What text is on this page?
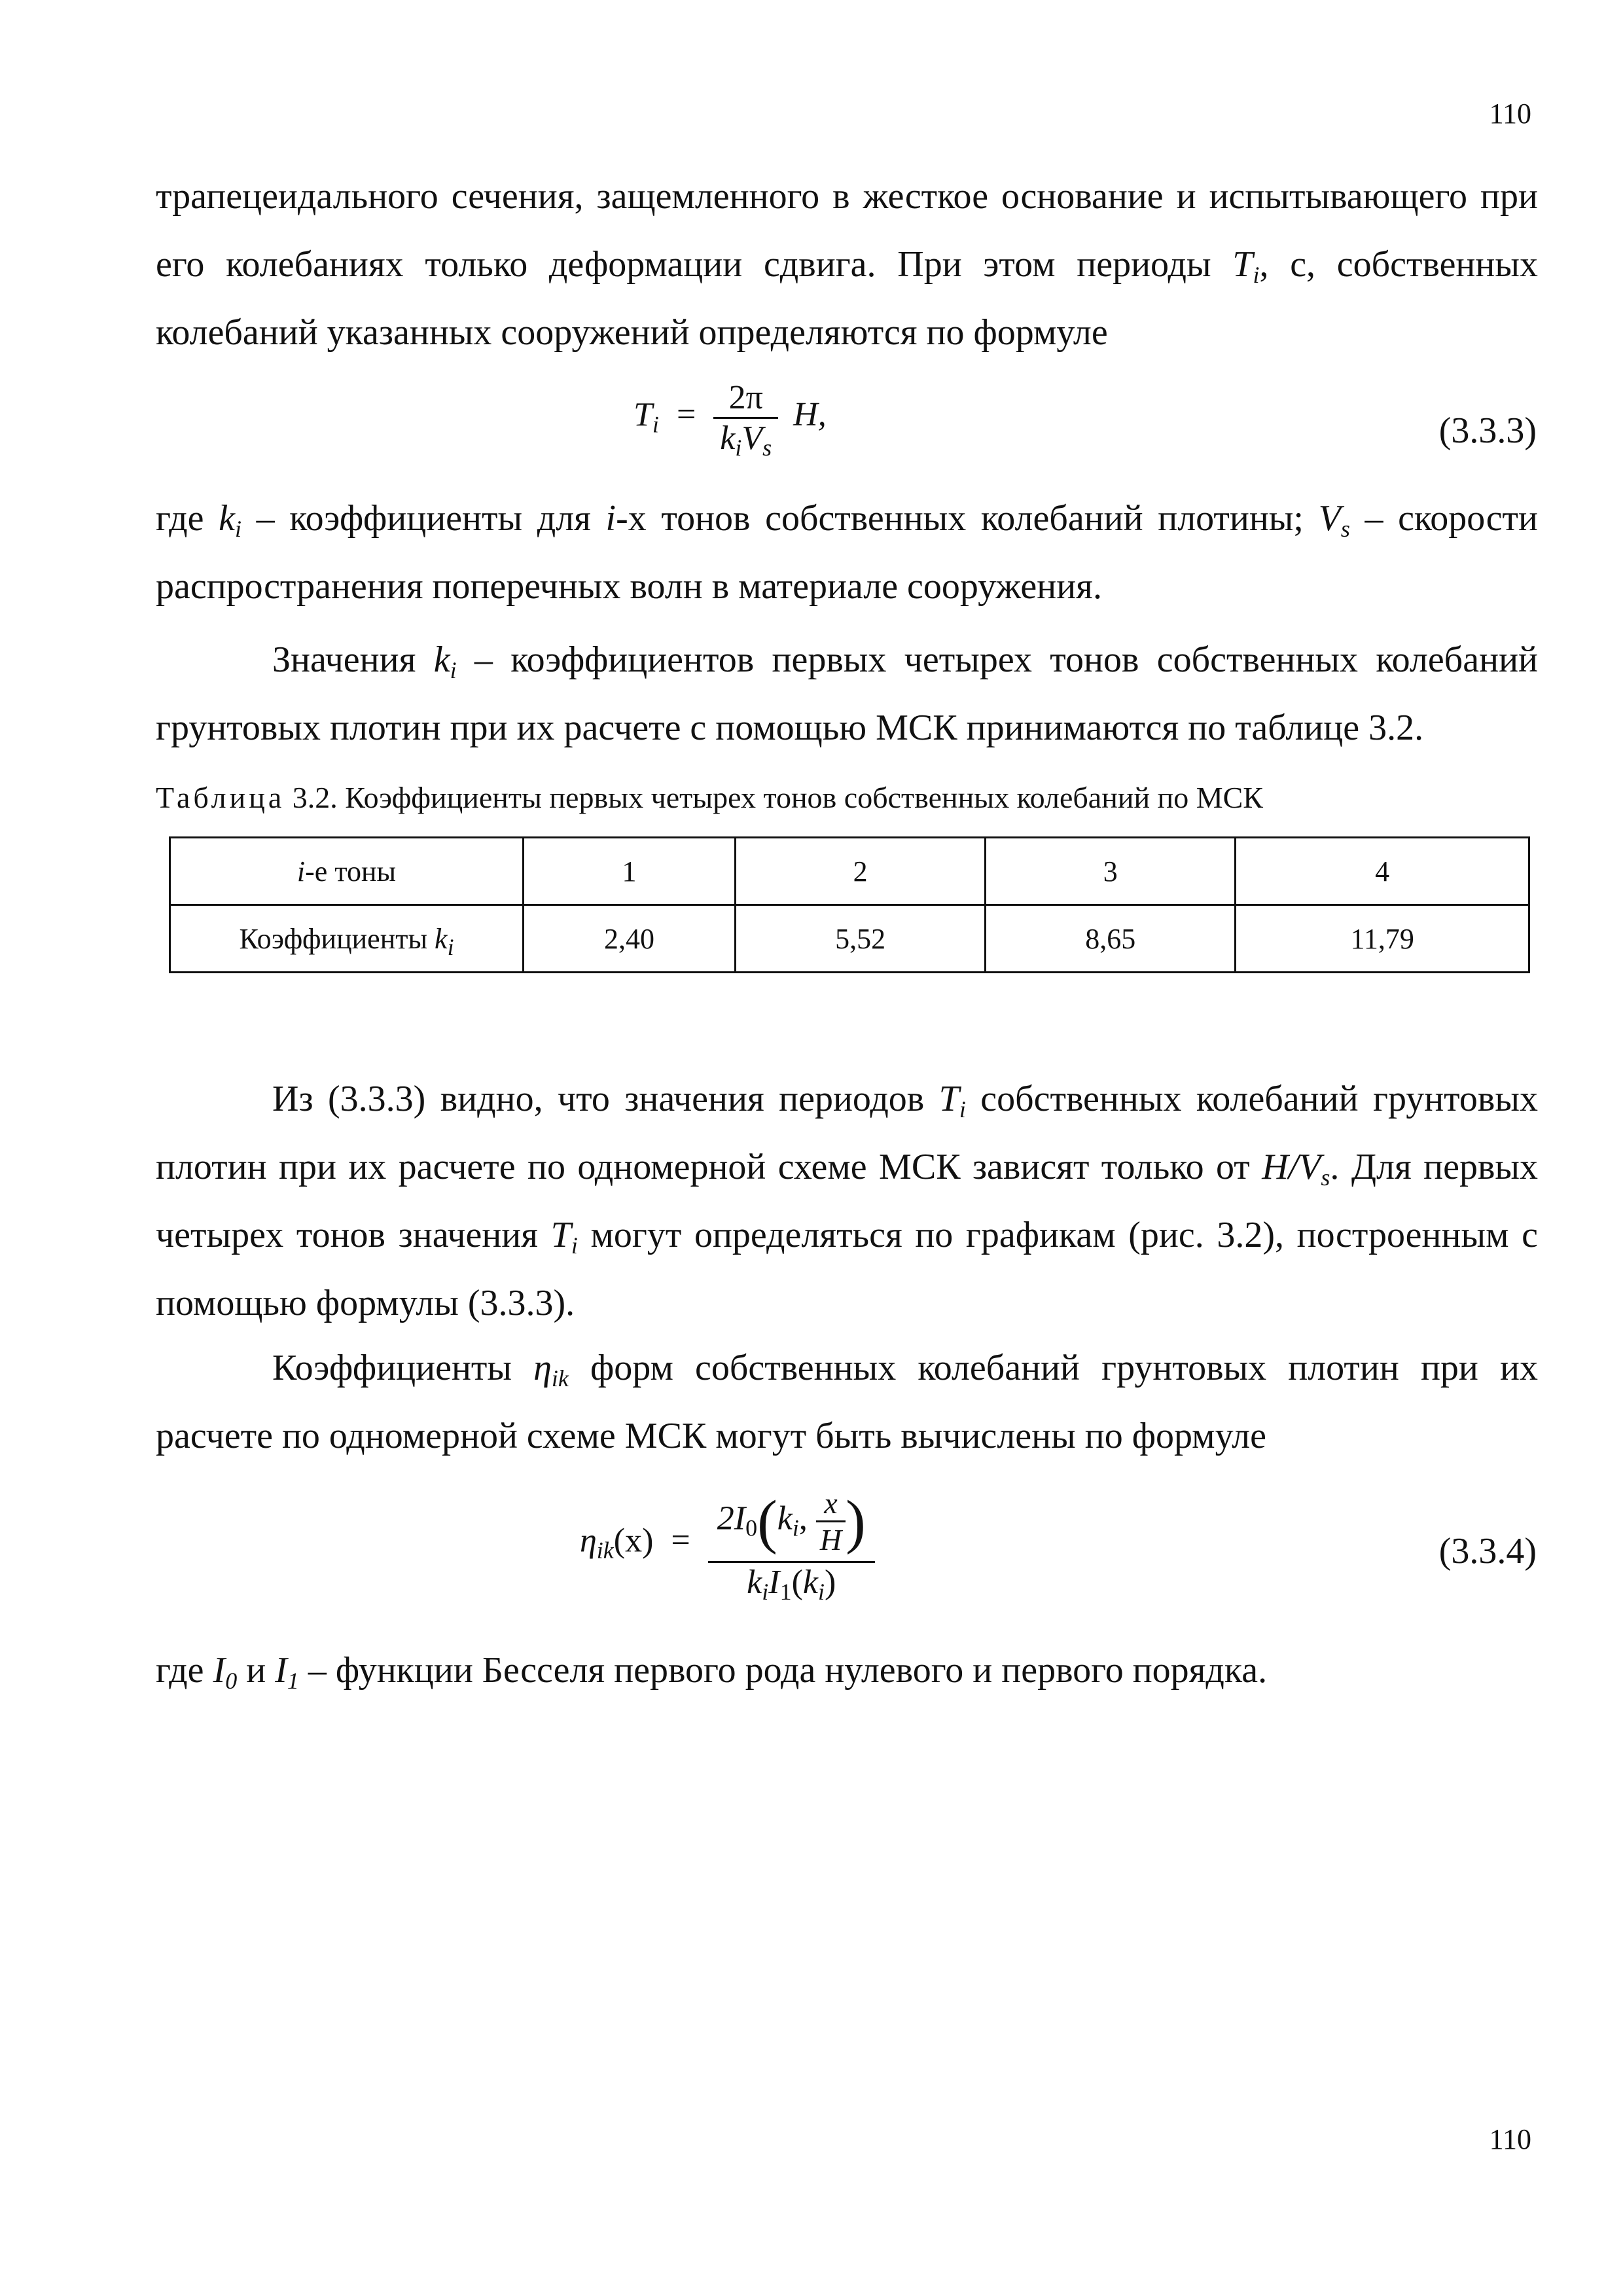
110

трапецеидального сечения, защемленного в жесткое основание и испытывающего при его колебаниях только деформации сдвига. При этом периоды $T_i$, с, собственных колебаний указанных сооружений определяются по формуле

$T_i = \frac{2\pi}{k_iV_s} H$,	(3.3.3)

где $k_i$ – коэффициенты для i-х тонов собственных колебаний плотины; $V_s$ – скорости распространения поперечных волн в материале сооружения.

Значения $k_i$ – коэффициентов первых четырех тонов собственных колебаний грунтовых плотин при их расчете с помощью МСК принимаются по таблице 3.2.

Таблица 3.2. Коэффициенты первых четырех тонов собственных колебаний по МСК
i-е тоны	1	2	3	4
Коэффициенты $k_i$	2,40	5,52	8,65	11,79

Из (3.3.3) видно, что значения периодов $T_i$ собственных колебаний грунтовых плотин при их расчете по одномерной схеме МСК зависят только от $H/V_s$. Для первых четырех тонов значения $T_i$ могут определяться по графикам (рис. 3.2), построенным с помощью формулы (3.3.3).

Коэффициенты $\eta_{ik}$ форм собственных колебаний грунтовых плотин при их расчете по одномерной схеме МСК могут быть вычислены по формуле

$\eta_{ik}(x) = \frac{2I_0(k_i, \frac{x}{H} )}{k_iI_1(k_i)}$	(3.3.4)

где $I_0$ и $I_1$ – функции Бесселя первого рода нулевого и первого порядка.

110
